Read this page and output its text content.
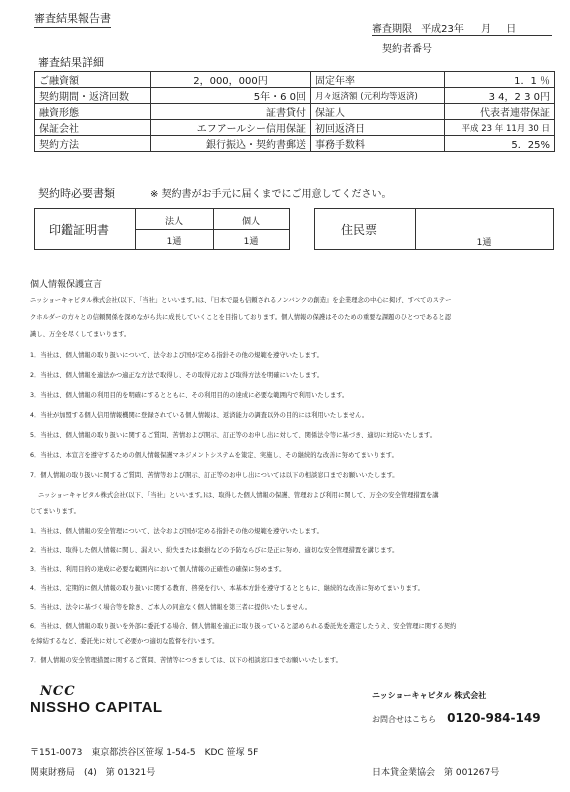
審査結果報告書
審査期限 平成23年 月 日
契約者番号
審査結果詳細
ご融資額	2，000，000円	固定年率	1．1 ％
契約期間・返済回数	5年・6 0回	月々返済額 (元利均等返済)	3 4，2 3 0円
融資形態	証書貸付	保証人	代表者連帯保証
保証会社	エフアールシー信用保証	初回返済日	平成 23 年 11月 30 日
契約方法	銀行振込・契約書郵送	事務手数料	5．25%
契約時必要書類	※ 契約書がお手元に届くまでにご用意してください。
印鑑証明書
法人	個人
1通	1通
住民票
1通
個人情報保護宣言
ニッショーキャピタル株式会社(以下、「当社」といいます。)は、『日本で最も信頼されるノンバンクの創造』を企業理念の中心に掲げ、すべてのステー
クホルダーの方々との信頼関係を深めながら共に成長していくことを目指しております。個人情報の保護はそのための重要な課題のひとつであると認
識し、万全を尽くしてまいります。
1．当社は、個人情報の取り扱いについて、法令および国が定める指針その他の規範を遵守いたします。
2．当社は、個人情報を適法かつ適正な方法で取得し、その取得元および取得方法を明確にいたします。
3．当社は、個人情報の利用目的を明確にするとともに、その利用目的の達成に必要な範囲内で利用いたします。
4．当社が加盟する個人信用情報機関に登録されている個人情報は、返済能力の調査以外の目的には利用いたしません。
5．当社は、個人情報の取り扱いに関するご質問、苦情および開示、訂正等のお申し出に対して、関係法令等に基づき、適切に対応いたします。
6．当社は、本宣言を遵守するための個人情報保護マネジメントシステムを策定、実施し、その継続的な改善に努めてまいります。
7．個人情報の取り扱いに関するご質問、苦情等および開示、訂正等のお申し出については以下の相談窓口までお願いいたします。
ニッショーキャピタル株式会社(以下、「当社」といいます。)は、取得した個人情報の保護、管理および利用に関して、万全の安全管理措置を講
じてまいります。
1．当社は、個人情報の安全管理について、法令および国が定める指針その他の規範を遵守いたします。
2．当社は、取得した個人情報に関し、漏えい、紛失または棄損などの予防ならびに是正に努め、適切な安全管理措置を講じます。
3．当社は、利用目的の達成に必要な範囲内において個人情報の正確性の確保に努めます。
4．当社は、定期的に個人情報の取り扱いに関する教育、啓発を行い、本基本方針を遵守するとともに、継続的な改善に努めてまいります。
5．当社は、法令に基づく場合等を除き、ご本人の同意なく個人情報を第三者に提供いたしません。
6．当社は、個人情報の取り扱いを外部に委託する場合、個人情報を適正に取り扱っていると認められる委託先を選定したうえ、安全管理に関する契約
を締結するなど、委託先に対して必要かつ適切な監督を行います。
7．個人情報の安全管理措置に関するご質問、苦情等につきましては、以下の相談窓口までお願いいたします。
NCC
NISSHO CAPITAL
ニッショーキャピタル 株式会社
お問合せはこちら 0120-984-149
〒151-0073　東京都渋谷区笹塚 1-54-5　KDC 笹塚 5F
関東財務局　(4)　第 01321号	日本貸金業協会　第 001267号
